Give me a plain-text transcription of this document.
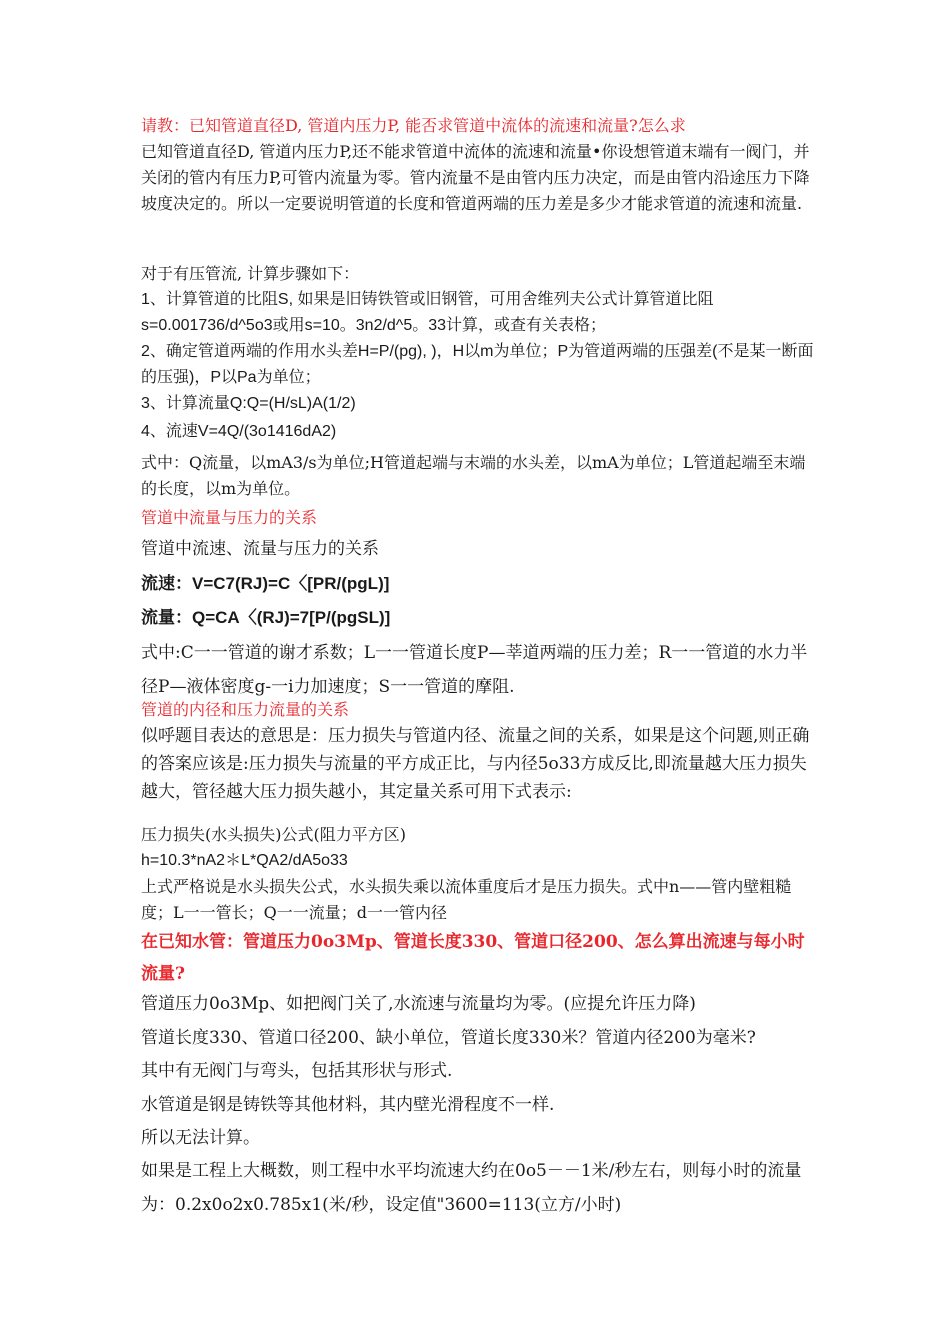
请教：已知管道直径D, 管道内压力P, 能否求管道中流体的流速和流量?怎么求

已知管道直径D, 管道内压力P,还不能求管道中流体的流速和流量•你设想管道末端有一阀门，并关闭的管内有压力P,可管内流量为零。管内流量不是由管内压力决定，而是由管内沿途压力下降坡度决定的。所以一定要说明管道的长度和管道两端的压力差是多少才能求管道的流速和流量.

对于有压管流, 计算步骤如下：

1、计算管道的比阻S, 如果是旧铸铁管或旧钢管，可用舍维列夫公式计算管道比阻s=0.001736/d^5o3或用s=10。3n2/d^5。33计算，或查有关表格；

2、确定管道两端的作用水头差H=P/(pg), )，H以m为单位；P为管道两端的压强差(不是某一断面的压强)，P以Pa为单位；

3、计算流量Q:Q=(H/sL)A(1/2)

4、流速V=4Q/(3o1416dA2)

式中：Q流量，以mA3/s为单位;H管道起端与末端的水头差，以mA为单位；L管道起端至末端的长度，以m为单位。

管道中流量与压力的关系

管道中流速、流量与压力的关系

流速：V=C7(RJ)=C〈[PR/(pgL)]

流量：Q=CA〈(RJ)=7[P/(pgSL)]

式中:C一一管道的谢才系数；L一一管道长度P—莘道两端的压力差；R一一管道的水力半径P—液体密度g-一i力加速度；S一一管道的摩阻.

管道的内径和压力流量的关系

似呼题目表达的意思是：压力损失与管道内径、流量之间的关系，如果是这个问题,则正确的答案应该是:压力损失与流量的平方成正比，与内径5o33方成反比,即流量越大压力损失越大，管径越大压力损失越小，其定量关系可用下式表示:

压力损失(水头损失)公式(阻力平方区)

h=10.3*nA2＊L*QA2/dA5o33

上式严格说是水头损失公式，水头损失乘以流体重度后才是压力损失。式中n——管内壁粗糙度；L一一管长；Q一一流量；d一一管内径

在已知水管：管道压力0o3Mp、管道长度330、管道口径200、怎么算出流速与每小时流量?

管道压力0o3Mp、如把阀门关了,水流速与流量均为零。(应提允许压力降)

管道长度330、管道口径200、缺小单位，管道长度330米？管道内径200为毫米?

其中有无阀门与弯头，包括其形状与形式.

水管道是钢是铸铁等其他材料，其内壁光滑程度不一样.

所以无法计算。

如果是工程上大概数，则工程中水平均流速大约在0o5－－1米/秒左右，则每小时的流量为：0.2x0o2x0.785x1(米/秒，设定值"3600=113(立方/小时)
